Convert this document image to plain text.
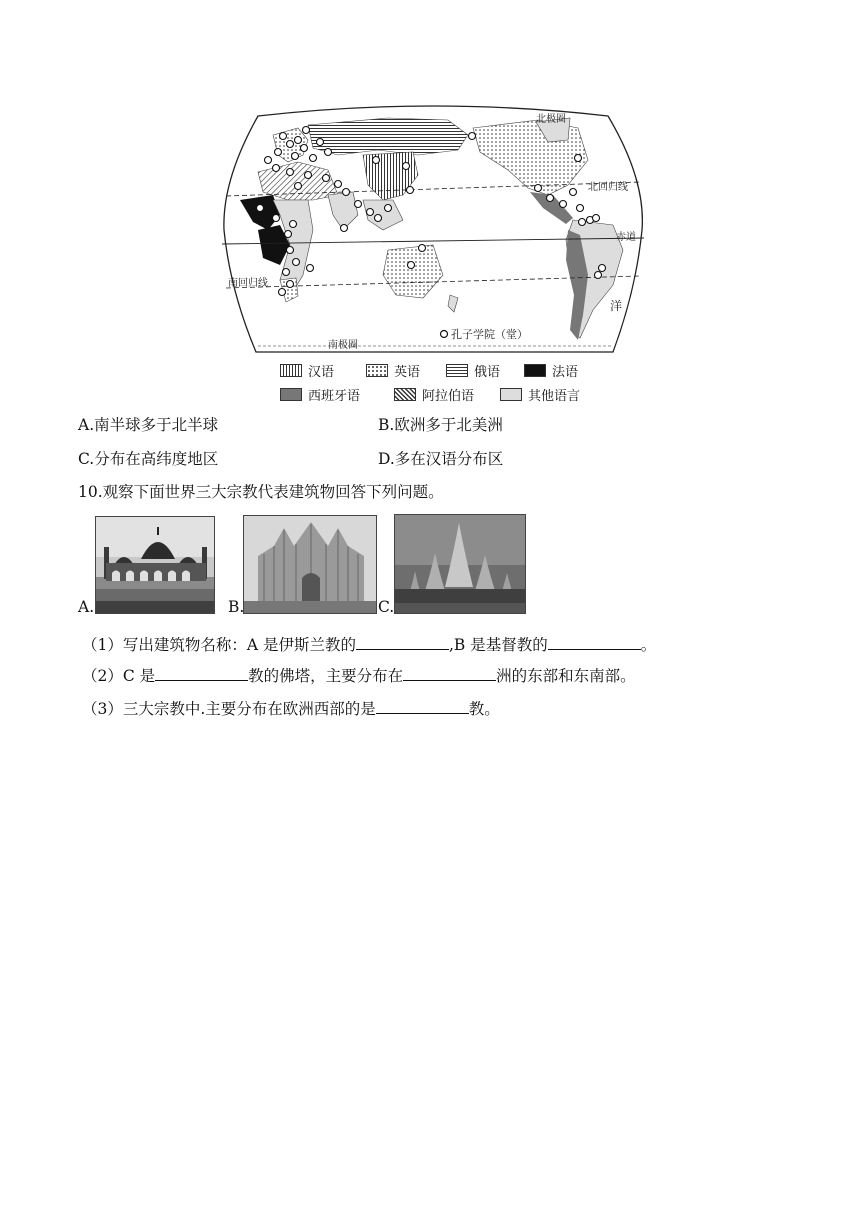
北极圈
北回归线
赤道
南回归线
南极圈
洋
孔子学院（堂）
汉语	英语	俄语	法语
西班牙语	阿拉伯语	其他语言
A.南半球多于北半球	B.欧洲多于北美洲
C.分布在高纬度地区	D.多在汉语分布区
10.观察下面世界三大宗教代表建筑物回答下列问题。
A.	B.	C.
（1）写出建筑物名称：A 是伊斯兰教的	,B 是基督教的	。
（2）C 是	教的佛塔，主要分布在	洲的东部和东南部。
（3）三大宗教中.主要分布在欧洲西部的是	教。
